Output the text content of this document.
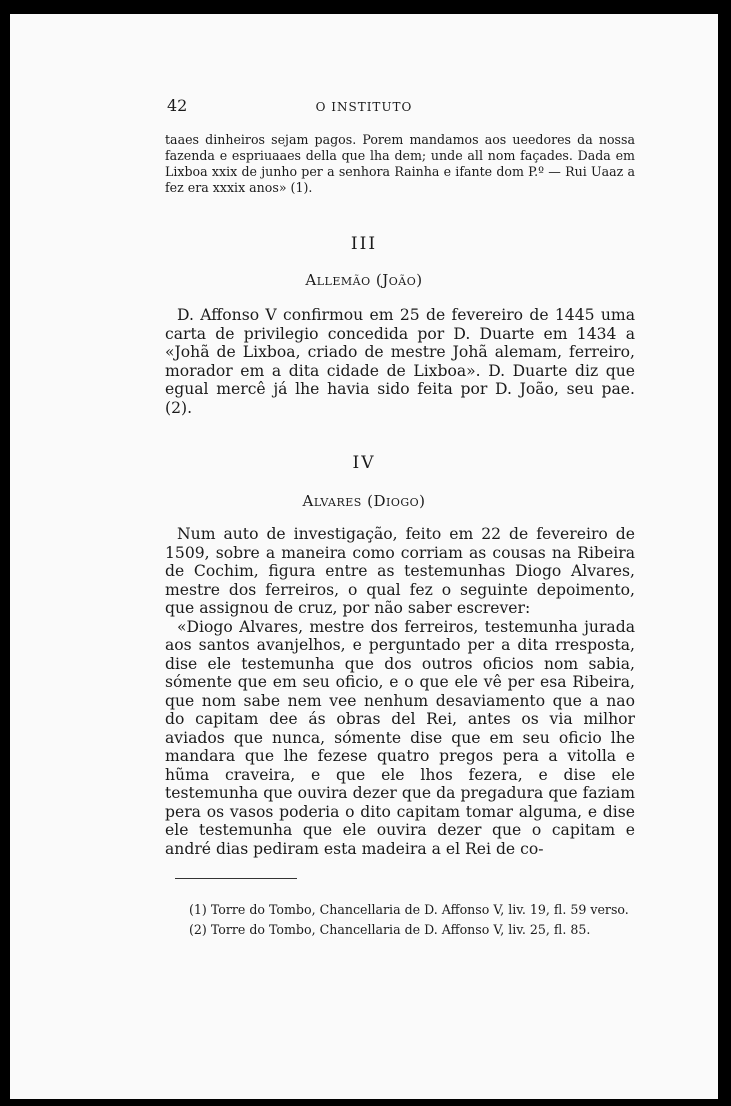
42	O INSTITUTO

taaes dinheiros sejam pagos. Porem mandamos aos ueedores da nossa fazenda e espriuaaes della que lha dem; unde all nom façades. Dada em Lixboa xxix de junho per a senhora Rainha e ifante dom P.º — Rui Uaaz a fez era xxxix anos» (1).

III
Allemão (João)

D. Affonso V confirmou em 25 de fevereiro de 1445 uma carta de privilegio concedida por D. Duarte em 1434 a «Johã de Lixboa, criado de mestre Johã alemam, ferreiro, morador em a dita cidade de Lixboa». D. Duarte diz que egual mercê já lhe havia sido feita por D. João, seu pae. (2).

IV
Alvares (Diogo)

Num auto de investigação, feito em 22 de fevereiro de 1509, sobre a maneira como corriam as cousas na Ribeira de Cochim, figura entre as testemunhas Diogo Alvares, mestre dos ferreiros, o qual fez o seguinte depoimento, que assignou de cruz, por não saber escrever:

«Diogo Alvares, mestre dos ferreiros, testemunha jurada aos santos avanjelhos, e perguntado per a dita rresposta, dise ele testemunha que dos outros oficios nom sabia, sómente que em seu oficio, e o que ele vê per esa Ribeira, que nom sabe nem vee nenhum desaviamento que a nao do capitam dee ás obras del Rei, antes os via milhor aviados que nunca, sómente dise que em seu oficio lhe mandara que lhe fezese quatro pregos pera a vitolla e hũma craveira, e que ele lhos fezera, e dise ele testemunha que ouvira dezer que da pregadura que faziam pera os vasos poderia o dito capitam tomar alguma, e dise ele testemunha que ele ouvira dezer que o capitam e andré dias pediram esta madeira a el Rei de co-

(1) Torre do Tombo, Chancellaria de D. Affonso V, liv. 19, fl. 59 verso.

(2) Torre do Tombo, Chancellaria de D. Affonso V, liv. 25, fl. 85.
